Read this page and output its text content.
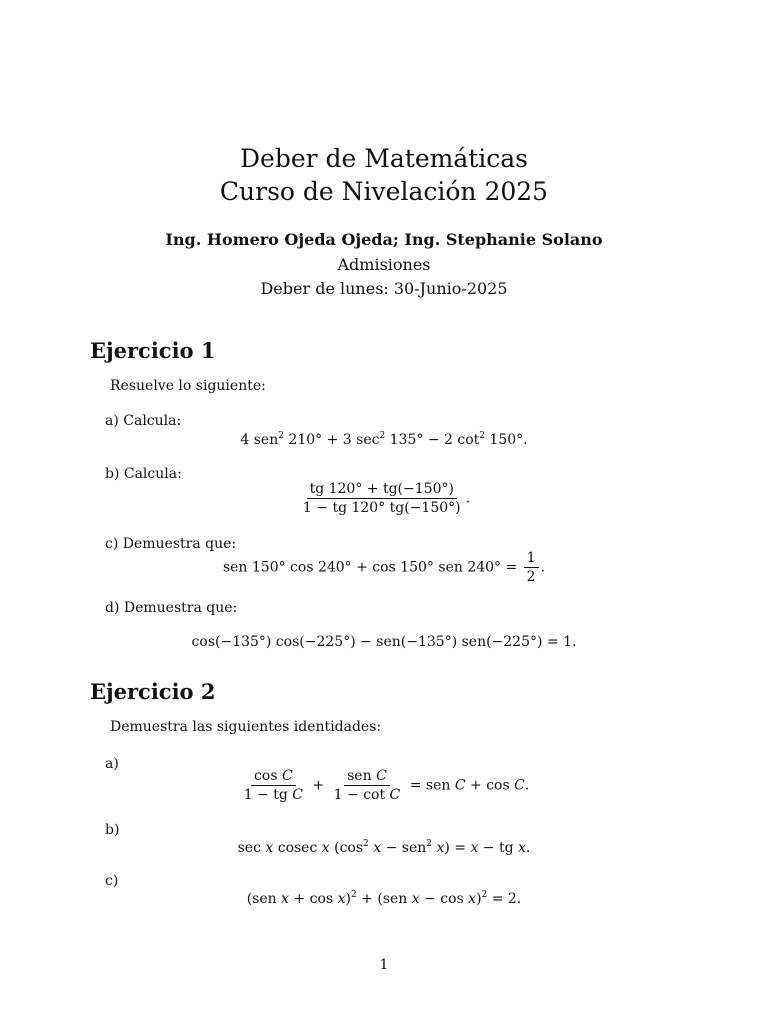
Deber de Matemáticas
Curso de Nivelación 2025
Ing. Homero Ojeda Ojeda; Ing. Stephanie Solano
Admisiones
Deber de lunes: 30-Junio-2025
Ejercicio 1
Resuelve lo siguiente:
a) Calcula:
4 sen$^2$ 210° + 3 $\sec^2 135^\circ - 2$ $\cot^2 150^\circ$.
b) Calcula:
$\frac{tg 120^\circ + tg(-150^\circ)}{1 - tg 120^\circ tg(-150^\circ)}$ .
c) Demuestra que:
sen 150° cos 240° + cos 150° sen $240^\circ = \frac{1}{2}$ .
d) Demuestra que:
cos(−135°) cos(−225°) − sen(−135°) sen(−225°) = 1.
Ejercicio 2
Demuestra las siguientes identidades:
a)
$\frac{\text{cos C}}{\text{1 − tg C}} + \frac{\text{sen C}}{\text{1 − cot C}}$ = sen C + cos C.
b)
sec x cosec x ($\cos^2$ x − sen$^2$ x) = x − tg x.
c)
(sen x + cos x)$^2$ + (sen x − cos x)$^2$ = 2.
1
